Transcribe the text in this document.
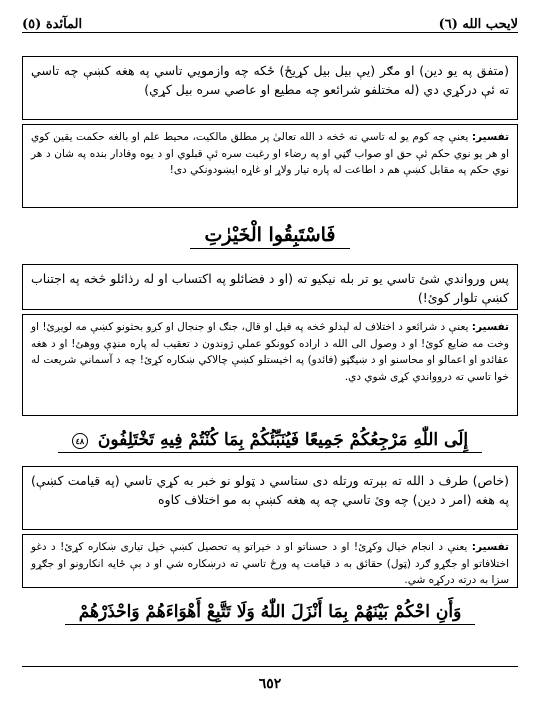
لايحب الله (٦)
المآئدة (٥)
(متفق په يو دين) او مګر (يې بيل بيل کړيځ) ځکه چه وازمويي تاسي په هغه کښې چه تاسي ته ئې درکړي دي (له مختلفو شرائعو چه مطيع او عاصي سره بيل کړي)
تفسير: يعنې چه کوم يو له تاسي نه څخه د الله تعالیٰ پر مطلق مالکيت، محيط علم او بالغه حکمت يقين کوي او هر يو نوي حکم ئې حق او صواب ګڼي او په رضاء او رغبت سره ئې قبلوي او د يوه وفادار بنده په شان د هر نوي حکم په مقابل کښې هم د اطاعت له پاره تيار ولاړ او غاړه ايښودونکي دی!
فَاسْتَبِقُوا الْخَيْرٰتِ
پس ورواندي شئ تاسي يو تر بله نيکيو ته (او د فضائلو په اکتساب او له رذائلو څخه په اجتناب کښې تلوار کوئ!)
تفسير: يعنې د شرائعو د اختلاف له لېدلو څخه په قيل او قال، جنګ او جنجال او کږو بحثونو کښې مه لويږئ! او وخت مه ضايع کوئ! او د وصول الی الله د اراده کوونکو عملي ژوندون د تعقيب له پاره منډې ووهئ! او د هغه عقائدو او اعمالو او محاسنو او د ښيګڼو (فائدو) په اخيستلو کښې چالاکي ښکاره کړئ! چه د آسماني شريعت له خوا تاسي ته دروواندي کړی شوي دي.
إِلَى اللّٰهِ مَرْجِعُكُمْ جَمِيعًا فَيُنَبِّئُكُمْ بِمَا كُنْتُمْ فِيهِ تَخْتَلِفُونَ ٤٨
(خاص) طرف د الله ته بېرته ورتله دی ستاسي د ټولو نو خبر به کړي تاسي (په قيامت کښې) په هغه (امر د دين) چه وئ تاسي چه په هغه کښې به مو اختلاف کاوه
تفسير: يعنې د انجام خيال وکړئ! او د حسناتو او د خيراتو په تحصيل کښې خپل تياری ښکاره کړئ! د دغو اختلافاتو او جګړو ګرد (ټول) حقائق به د قيامت په ورځ تاسي ته درښکاره شي او د بې ځايه انکارونو او جګړو سزا به درته درکړه شي.
وَأَنِ احْكُمْ بَيْنَهُمْ بِمَا أَنْزَلَ اللّٰهُ وَلَا تَتَّبِعْ أَهْوَاءَهُمْ وَاحْذَرْهُمْ
٦٥٢
